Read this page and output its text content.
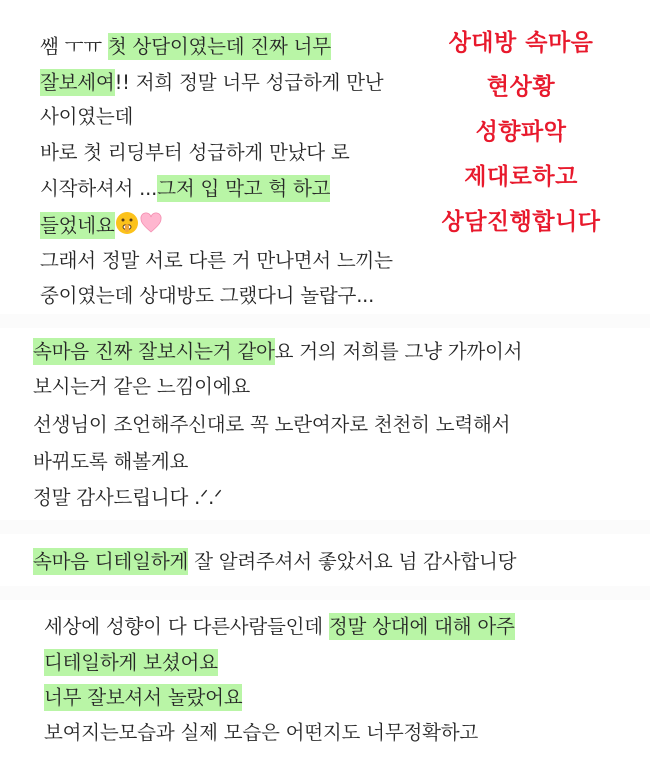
쌤 ㅜㅠ 첫 상담이였는데 진짜 너무
잘보세여!! 저희 정말 너무 성급하게 만난
사이였는데
바로 첫 리딩부터 성급하게 만났다 로
시작하셔서 ...그저 입 막고 헉 하고
들었네요
그래서 정말 서로 다른 거 만나면서 느끼는
중이였는데 상대방도 그랬다니 놀랍구...
속마음 진짜 잘보시는거 같아요 거의 저희를 그냥 가까이서
보시는거 같은 느낌이에요
선생님이 조언해주신대로 꼭 노란여자로 천천히 노력해서
바뀌도록 해볼게요
정말 감사드립니다 .ᐟ.ᐟ
속마음 디테일하게 잘 알려주셔서 좋았서요 넘 감사합니당
세상에 성향이 다 다른사람들인데 정말 상대에 대해 아주
디테일하게 보셨어요
너무 잘보셔서 놀랐어요
보여지는모습과 실제 모습은 어떤지도 너무정확하고
상대방 속마음
현상황
성향파악
제대로하고
상담진행합니다
